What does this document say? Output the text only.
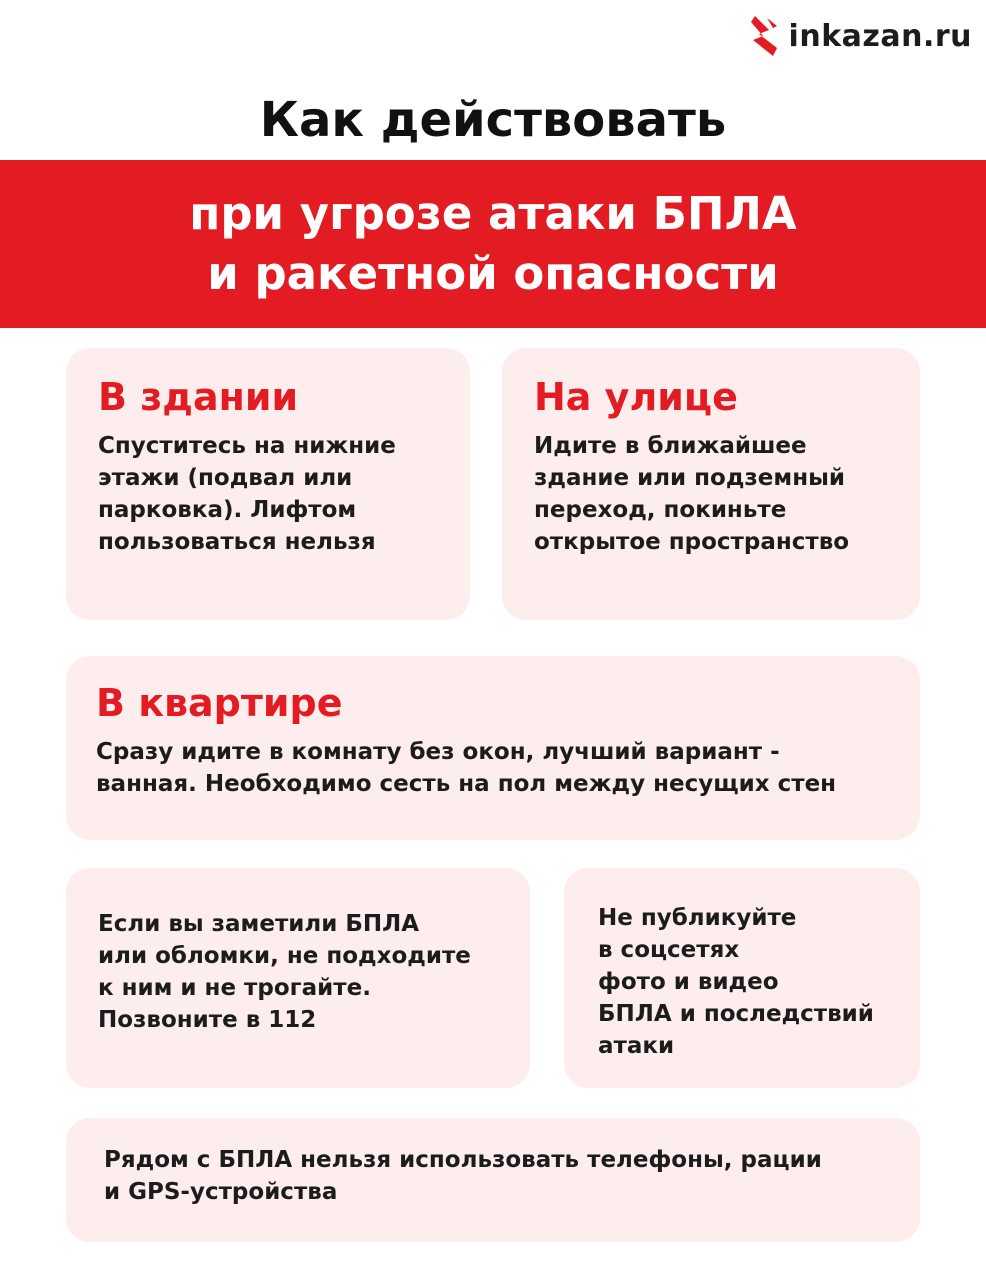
inkazan.ru
Как действовать
при угрозе атаки БПЛА
и ракетной опасности
В здании
Спуститесь на нижние
этажи (подвал или
парковка). Лифтом
пользоваться нельзя
На улице
Идите в ближайшее
здание или подземный
переход, покиньте
открытое пространство
В квартире
Сразу идите в комнату без окон, лучший вариант -
ванная. Необходимо сесть на пол между несущих стен
Если вы заметили БПЛА
или обломки, не подходите
к ним и не трогайте.
Позвоните в 112
Не публикуйте
в соцсетях
фото и видео
БПЛА и последствий
атаки
Рядом с БПЛА нельзя использовать телефоны, рации
и GPS-устройства
